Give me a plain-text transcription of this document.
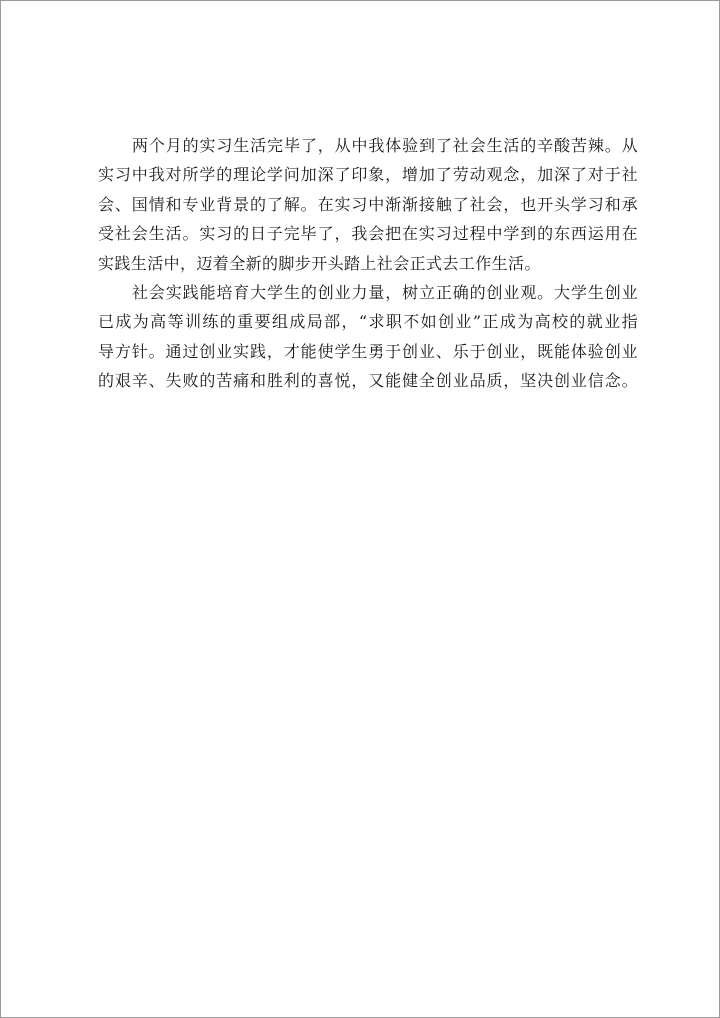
两个月的实习生活完毕了，从中我体验到了社会生活的辛酸苦辣。从
实习中我对所学的理论学问加深了印象，增加了劳动观念，加深了对于社
会、国情和专业背景的了解。在实习中渐渐接触了社会，也开头学习和承
受社会生活。实习的日子完毕了，我会把在实习过程中学到的东西运用在
实践生活中，迈着全新的脚步开头踏上社会正式去工作生活。
社会实践能培育大学生的创业力量，树立正确的创业观。大学生创业
已成为高等训练的重要组成局部，“求职不如创业”正成为高校的就业指
导方针。通过创业实践，才能使学生勇于创业、乐于创业，既能体验创业
的艰辛、失败的苦痛和胜利的喜悦，又能健全创业品质，坚决创业信念。
